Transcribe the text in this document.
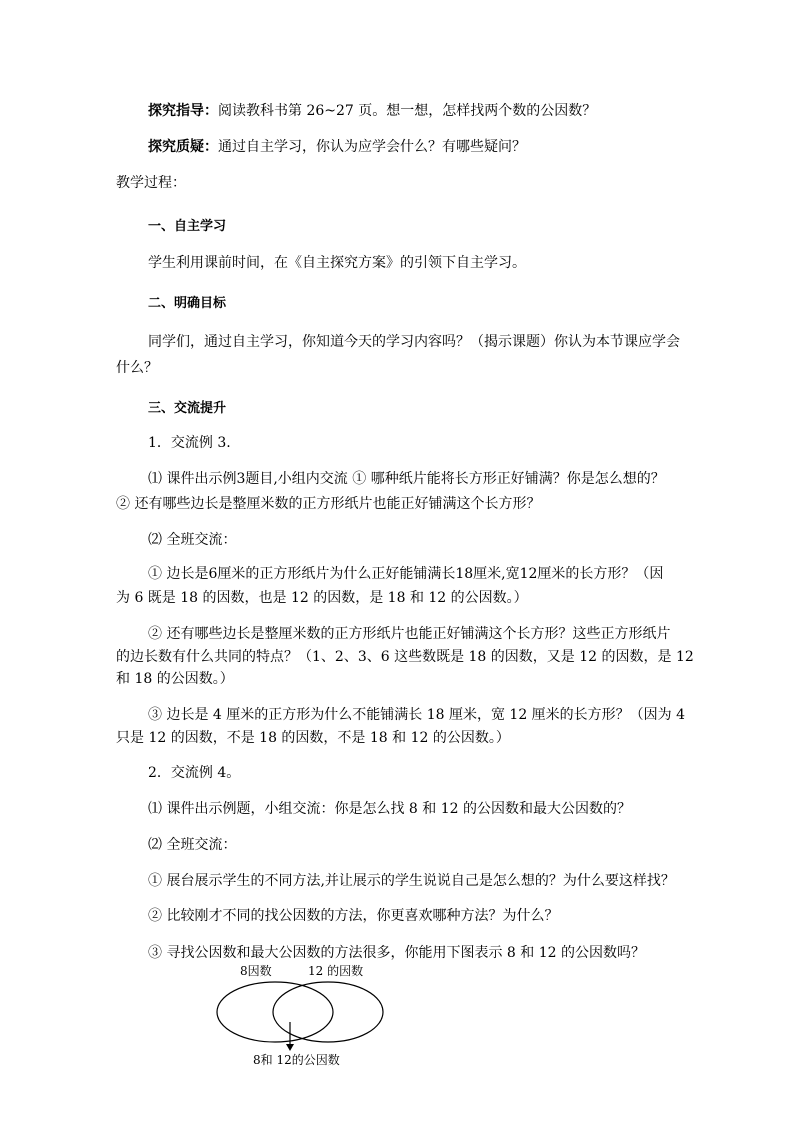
探究指导：阅读教科书第 26~27 页。想一想，怎样找两个数的公因数？
探究质疑：通过自主学习，你认为应学会什么？有哪些疑问？
教学过程：
一、自主学习
学生利用课前时间，在《自主探究方案》的引领下自主学习。
二、明确目标
同学们，通过自主学习，你知道今天的学习内容吗？（揭示课题）你认为本节课应学会
什么？
三、交流提升
1．交流例 3.
⑴ 课件出示例3题目,小组内交流 ① 哪种纸片能将长方形正好铺满？你是怎么想的？
② 还有哪些边长是整厘米数的正方形纸片也能正好铺满这个长方形？
⑵ 全班交流：
① 边长是6厘米的正方形纸片为什么正好能铺满长18厘米,宽12厘米的长方形？（因
为 6 既是 18 的因数，也是 12 的因数，是 18 和 12 的公因数。）
② 还有哪些边长是整厘米数的正方形纸片也能正好铺满这个长方形？这些正方形纸片
的边长数有什么共同的特点？（1、2、3、6 这些数既是 18 的因数，又是 12 的因数，是 12
和 18 的公因数。）
③ 边长是 4 厘米的正方形为什么不能铺满长 18 厘米，宽 12 厘米的长方形？（因为 4
只是 12 的因数，不是 18 的因数，不是 18 和 12 的公因数。）
2．交流例 4。
⑴ 课件出示例题，小组交流：你是怎么找 8 和 12 的公因数和最大公因数的？
⑵ 全班交流：
① 展台展示学生的不同方法,并让展示的学生说说自己是怎么想的？为什么要这样找？
② 比较刚才不同的找公因数的方法，你更喜欢哪种方法？为什么？
③ 寻找公因数和最大公因数的方法很多，你能用下图表示 8 和 12 的公因数吗？
8因数	12 的因数
8和 12的公因数
